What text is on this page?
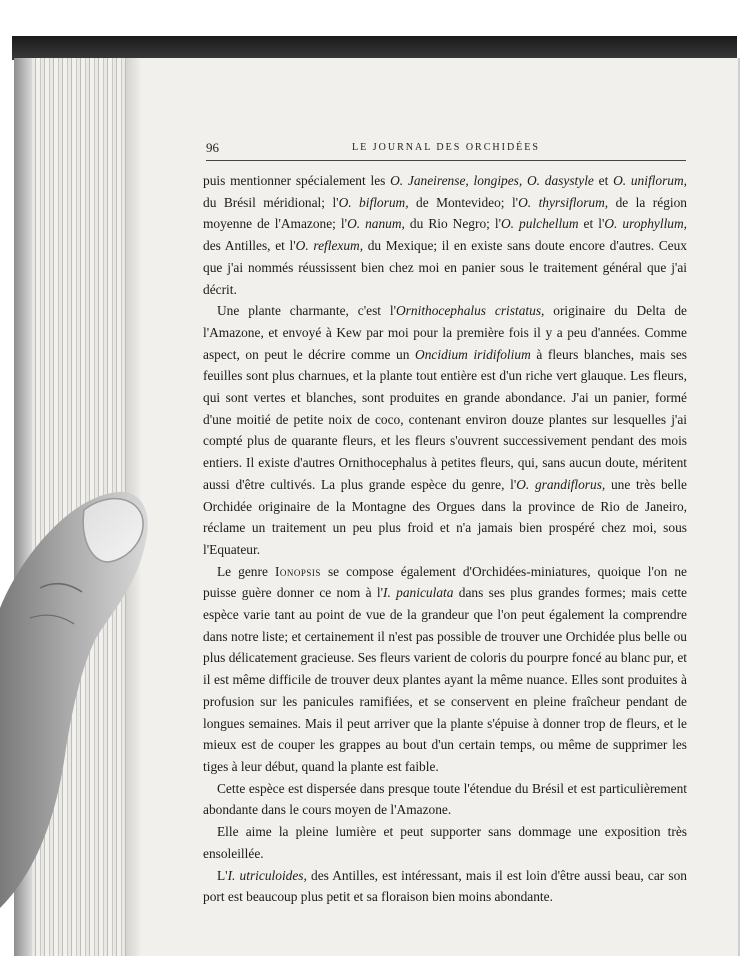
96	LE JOURNAL DES ORCHIDÉES

puis mentionner spécialement les O. Janeirense, longipes, O. dasystyle et O. uniflorum, du Brésil méridional; l'O. biflorum, de Montevideo; l'O. thyrsiflorum, de la région moyenne de l'Amazone; l'O. nanum, du Rio Negro; l'O. pulchellum et l'O. urophyllum, des Antilles, et l'O. reflexum, du Mexique; il en existe sans doute encore d'autres. Ceux que j'ai nommés réussissent bien chez moi en panier sous le traitement général que j'ai décrit.

Une plante charmante, c'est l'Ornithocephalus cristatus, originaire du Delta de l'Amazone, et envoyé à Kew par moi pour la première fois il y a peu d'années. Comme aspect, on peut le décrire comme un Oncidium iridifolium à fleurs blanches, mais ses feuilles sont plus charnues, et la plante tout entière est d'un riche vert glauque. Les fleurs, qui sont vertes et blanches, sont produites en grande abondance. J'ai un panier, formé d'une moitié de petite noix de coco, contenant environ douze plantes sur lesquelles j'ai compté plus de quarante fleurs, et les fleurs s'ouvrent successivement pendant des mois entiers. Il existe d'autres Ornithocephalus à petites fleurs, qui, sans aucun doute, méritent aussi d'être cultivés. La plus grande espèce du genre, l'O. grandiflorus, une très belle Orchidée originaire de la Montagne des Orgues dans la province de Rio de Janeiro, réclame un traitement un peu plus froid et n'a jamais bien prospéré chez moi, sous l'Equateur.

Le genre Ionopsis se compose également d'Orchidées-miniatures, quoique l'on ne puisse guère donner ce nom à l'I. paniculata dans ses plus grandes formes; mais cette espèce varie tant au point de vue de la grandeur que l'on peut également la comprendre dans notre liste; et certainement il n'est pas possible de trouver une Orchidée plus belle ou plus délicatement gracieuse. Ses fleurs varient de coloris du pourpre foncé au blanc pur, et il est même difficile de trouver deux plantes ayant la même nuance. Elles sont produites à profusion sur les panicules ramifiées, et se conservent en pleine fraîcheur pendant de longues semaines. Mais il peut arriver que la plante s'épuise à donner trop de fleurs, et le mieux est de couper les grappes au bout d'un certain temps, ou même de supprimer les tiges à leur début, quand la plante est faible.

Cette espèce est dispersée dans presque toute l'étendue du Brésil et est particulièrement abondante dans le cours moyen de l'Amazone.

Elle aime la pleine lumière et peut supporter sans dommage une exposition très ensoleillée.

L'I. utriculoides, des Antilles, est intéressant, mais il est loin d'être aussi beau, car son port est beaucoup plus petit et sa floraison bien moins abondante.
